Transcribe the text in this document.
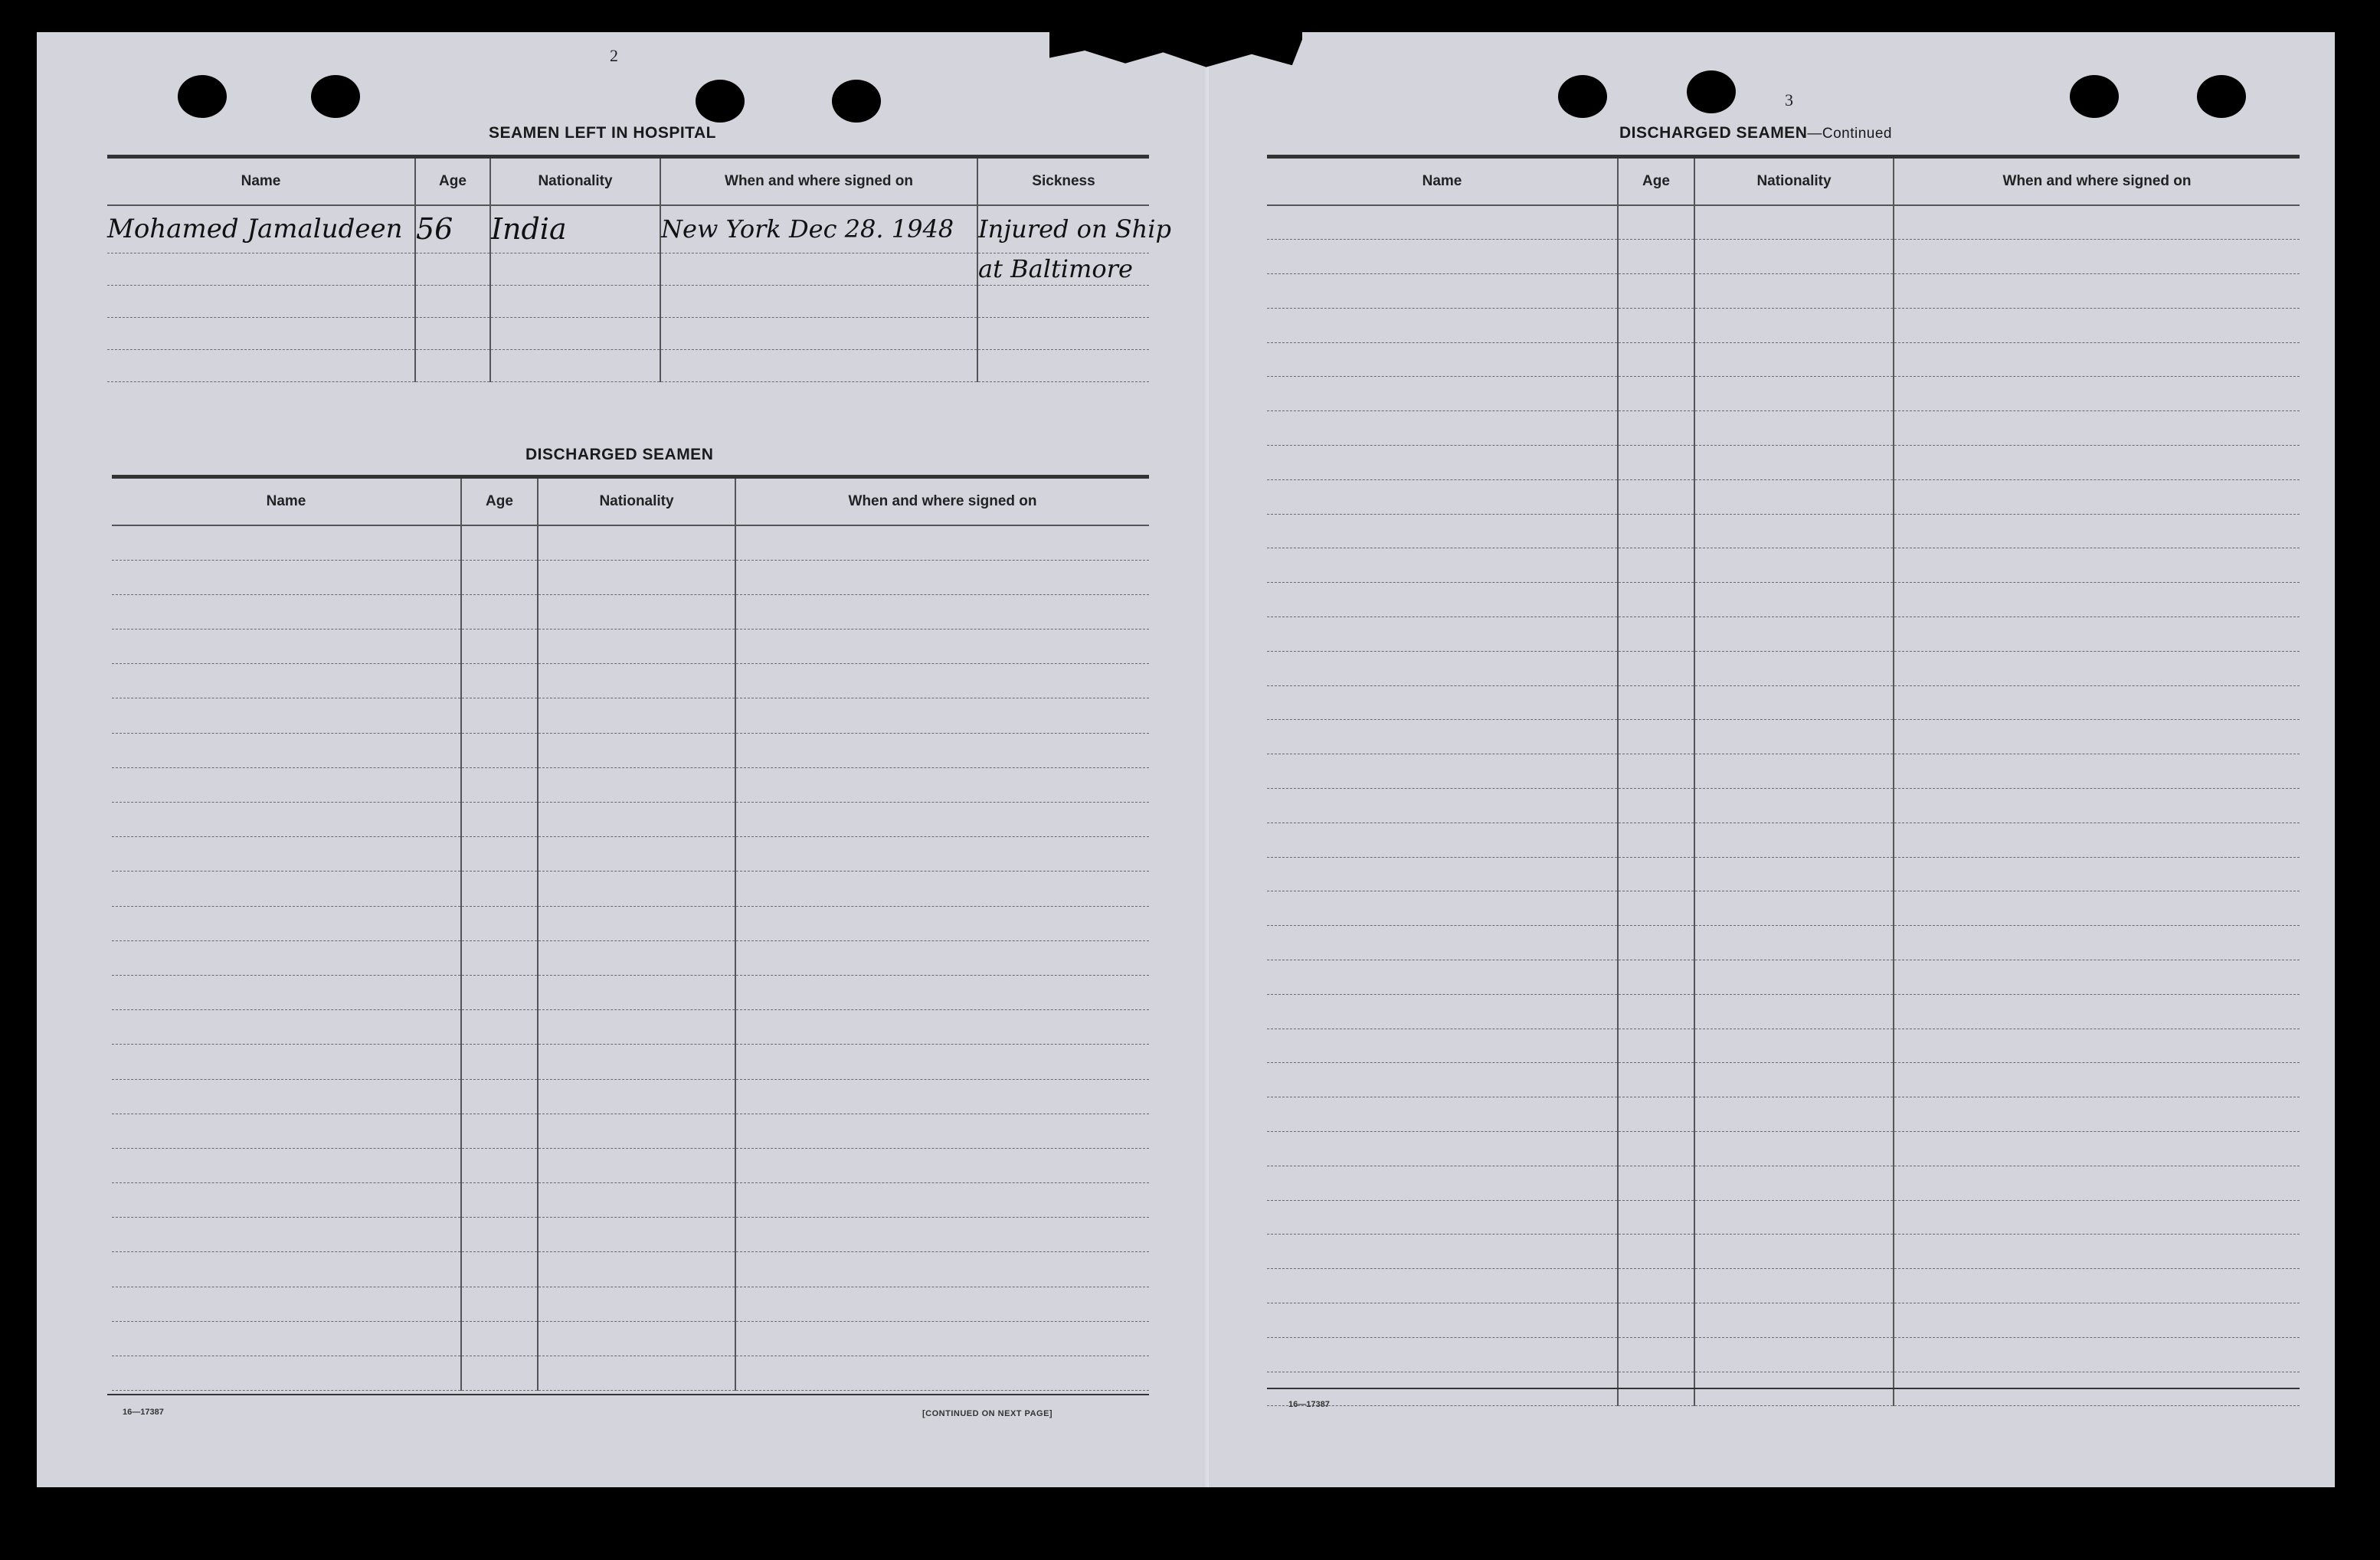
2
SEAMEN LEFT IN HOSPITAL
Name	Age	Nationality	When and where signed on	Sickness
Mohamed Jamaludeen	56	India	New York Dec 28. 1948	Injured on Ship
				at Baltimore

DISCHARGED SEAMEN
Name	Age	Nationality	When and where signed on

16—17387	[CONTINUED ON NEXT PAGE]
3
DISCHARGED SEAMEN—Continued
Name	Age	Nationality	When and where signed on

16—17387
